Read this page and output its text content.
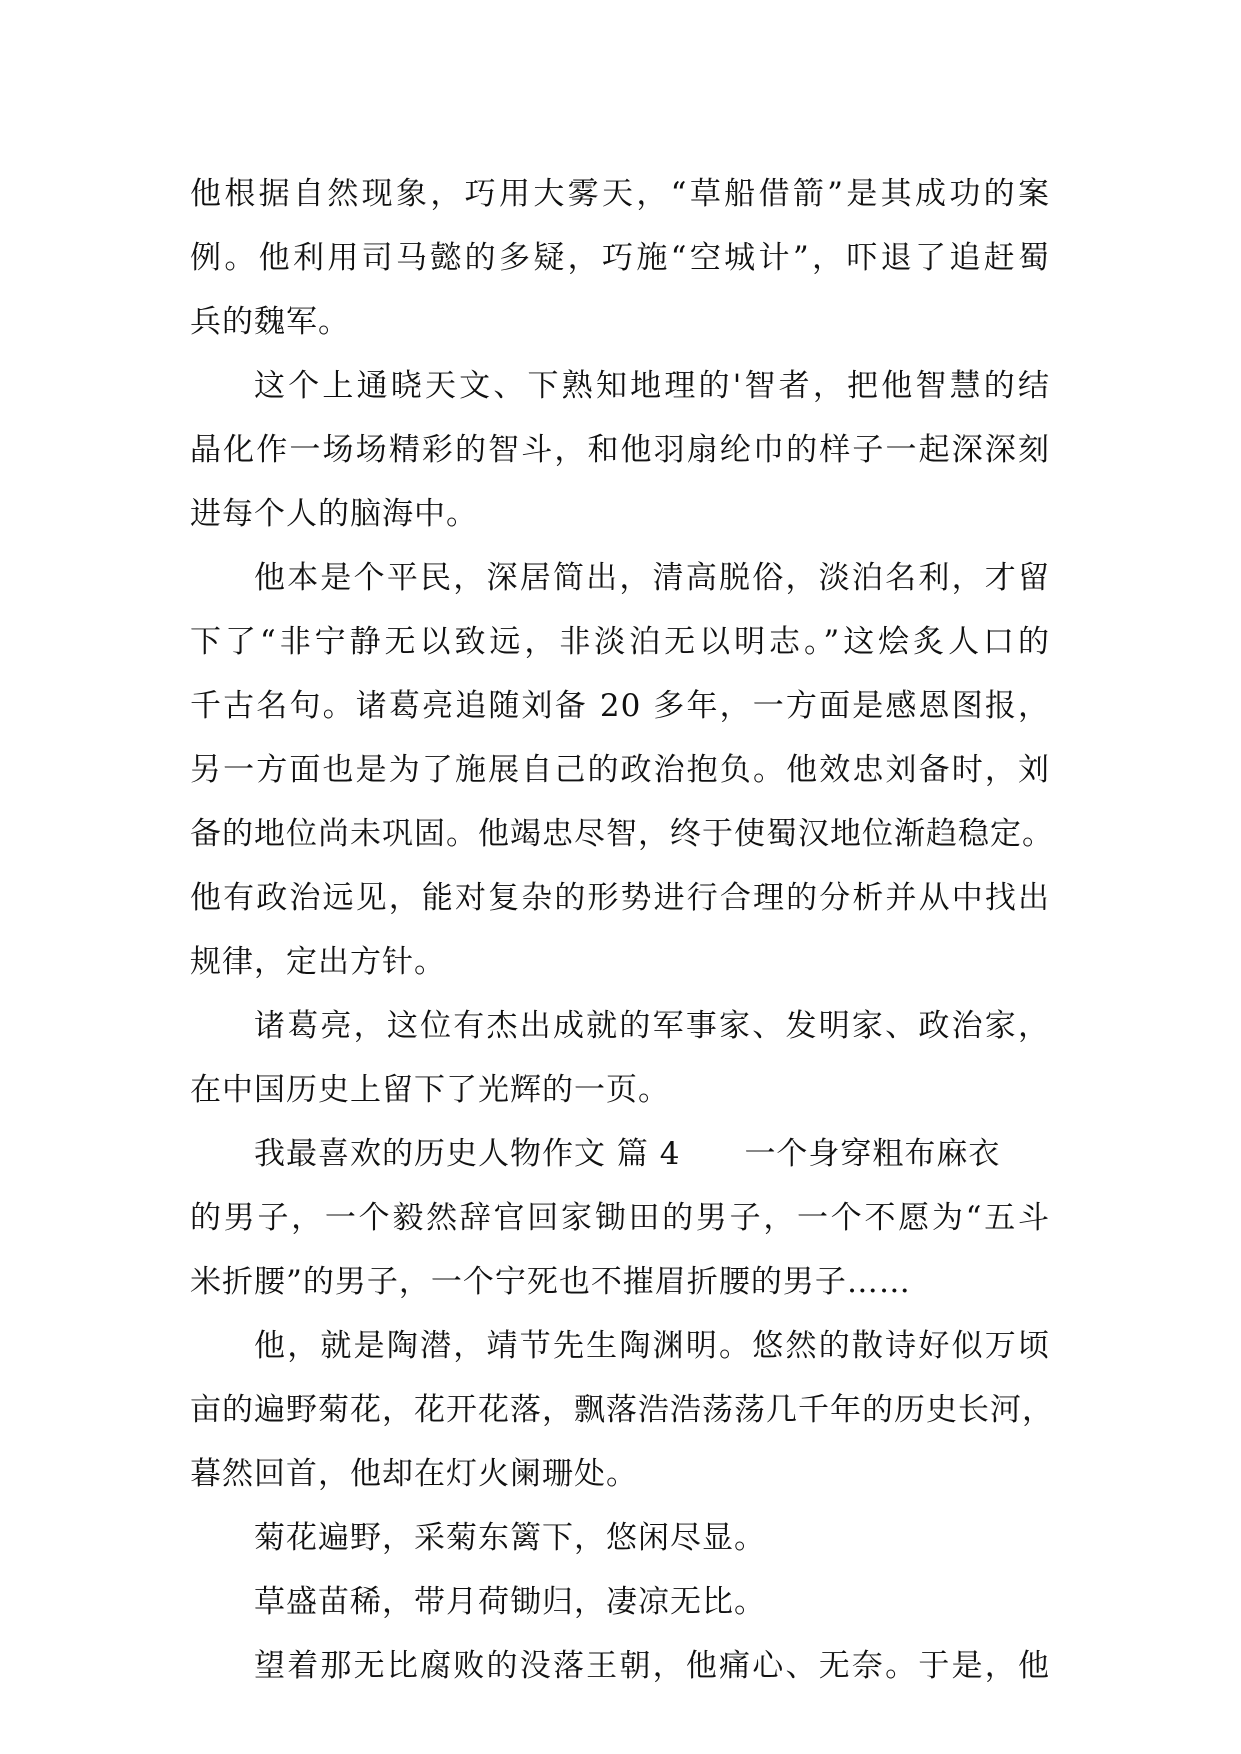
他根据自然现象，巧用大雾天，“草船借箭”是其成功的案
例。他利用司马懿的多疑，巧施“空城计”，吓退了追赶蜀
兵的魏军。
这个上通晓天文、下熟知地理的'智者，把他智慧的结
晶化作一场场精彩的智斗，和他羽扇纶巾的样子一起深深刻
进每个人的脑海中。
他本是个平民，深居简出，清高脱俗，淡泊名利，才留
下了“非宁静无以致远，非淡泊无以明志。”这烩炙人口的
千古名句。诸葛亮追随刘备 20 多年，一方面是感恩图报，
另一方面也是为了施展自己的政治抱负。他效忠刘备时，刘
备的地位尚未巩固。他竭忠尽智，终于使蜀汉地位渐趋稳定。
他有政治远见，能对复杂的形势进行合理的分析并从中找出
规律，定出方针。
诸葛亮，这位有杰出成就的军事家、发明家、政治家，
在中国历史上留下了光辉的一页。
我最喜欢的历史人物作文 篇 4 一个身穿粗布麻衣
的男子，一个毅然辞官回家锄田的男子，一个不愿为“五斗
米折腰”的男子，一个宁死也不摧眉折腰的男子……
他，就是陶潜，靖节先生陶渊明。悠然的散诗好似万顷
亩的遍野菊花，花开花落，飘落浩浩荡荡几千年的历史长河，
暮然回首，他却在灯火阑珊处。
菊花遍野，采菊东篱下，悠闲尽显。
草盛苗稀，带月荷锄归，凄凉无比。
望着那无比腐败的没落王朝，他痛心、无奈。于是，他
